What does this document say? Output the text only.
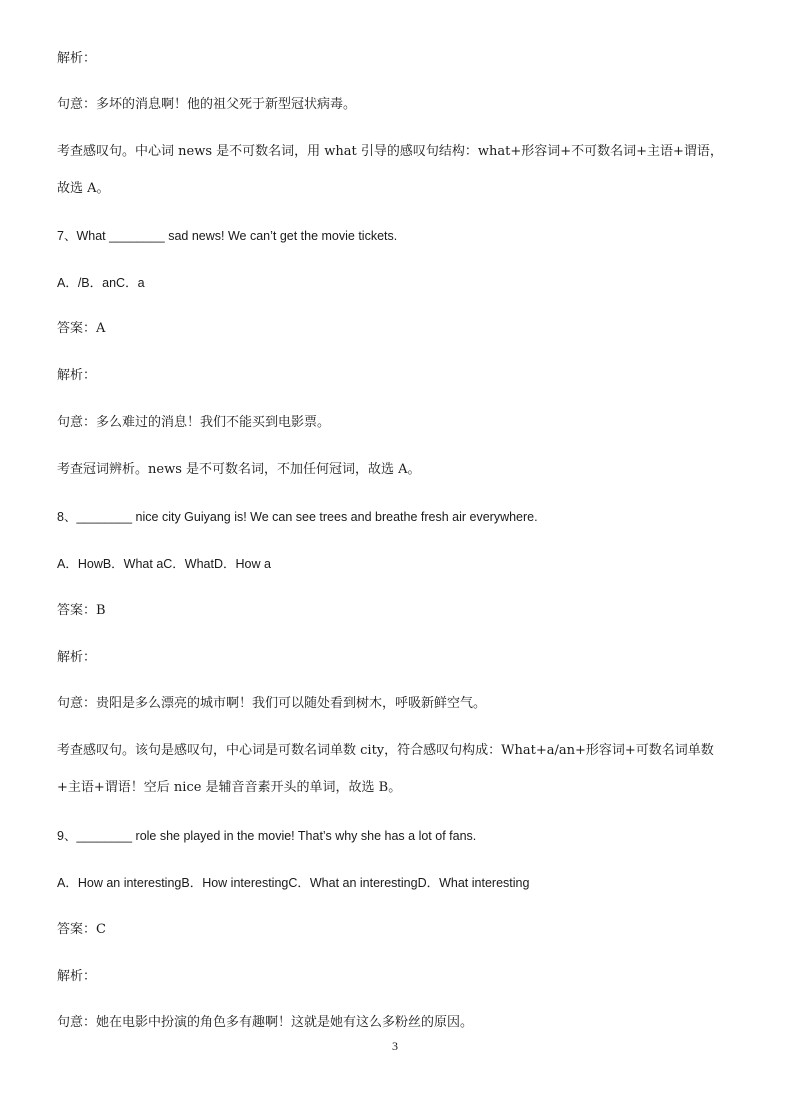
解析：
句意：多坏的消息啊！他的祖父死于新型冠状病毒。
考查感叹句。中心词 news 是不可数名词，用 what 引导的感叹句结构：what+形容词+不可数名词+主语+谓语，
故选 A。
7、What ________ sad news! We can’t get the movie tickets.
A．/B．anC．a
答案：A
解析：
句意：多么难过的消息！我们不能买到电影票。
考查冠词辨析。news 是不可数名词，不加任何冠词，故选 A。
8、________ nice city Guiyang is! We can see trees and breathe fresh air everywhere.
A．HowB．What aC．WhatD．How a
答案：B
解析：
句意：贵阳是多么漂亮的城市啊！我们可以随处看到树木，呼吸新鲜空气。
考查感叹句。该句是感叹句，中心词是可数名词单数 city，符合感叹句构成：What+a/an+形容词+可数名词单数
+主语+谓语！空后 nice 是辅音音素开头的单词，故选 B。
9、________ role she played in the movie! That’s why she has a lot of fans.
A．How an interestingB．How interestingC．What an interestingD．What interesting
答案：C
解析：
句意：她在电影中扮演的角色多有趣啊！这就是她有这么多粉丝的原因。
3
